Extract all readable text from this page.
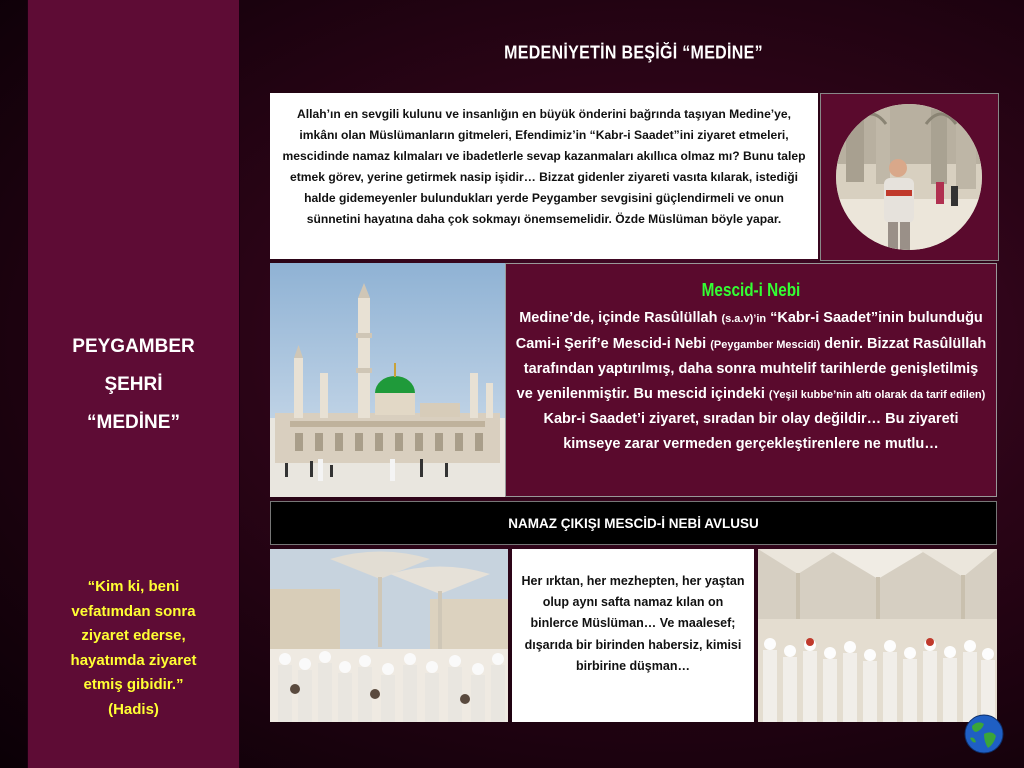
PEYGAMBER
ŞEHRİ
“MEDİNE”
“Kim ki, beni
vefatımdan sonra
ziyaret ederse,
hayatımda ziyaret
etmiş gibidir.”
(Hadis)
MEDENİYETİN BEŞİĞİ “MEDİNE”
Allah’ın en sevgili kulunu ve insanlığın en büyük önderini bağrında taşıyan Medine’ye, imkânı olan Müslümanların gitmeleri, Efendimiz’in “Kabr-i Saadet”ini ziyaret etmeleri, mescidinde namaz kılmaları ve ibadetlerle sevap kazanmaları akıllıca olmaz mı? Bunu talep etmek görev, yerine getirmek nasip işidir… Bizzat gidenler ziyareti vasıta kılarak, istediği halde gidemeyenler bulundukları yerde Peygamber sevgisini güçlendirmeli ve onun sünnetini hayatına daha çok sokmayı önemsemelidir. Özde Müslüman böyle yapar.
Mescid-i Nebi
Medine’de, içinde Rasûlüllah (s.a.v)’in “Kabr-i Saadet”inin bulunduğu Cami-i Şerif’e Mescid-i Nebi (Peygamber Mescidi) denir. Bizzat Rasûlüllah tarafından yaptırılmış, daha sonra muhtelif tarihlerde genişletilmiş ve yenilenmiştir. Bu mescid içindeki (Yeşil kubbe’nin altı olarak da tarif edilen) Kabr-i Saadet’i ziyaret, sıradan bir olay değildir… Bu ziyareti kimseye zarar vermeden gerçekleştirenlere ne mutlu…
NAMAZ ÇIKIŞI MESCİD-İ NEBİ AVLUSU
Her ırktan, her mezhepten, her yaştan olup aynı safta namaz kılan on binlerce Müslüman… Ve maalesef; dışarıda bir birinden habersiz, kimisi birbirine düşman…
